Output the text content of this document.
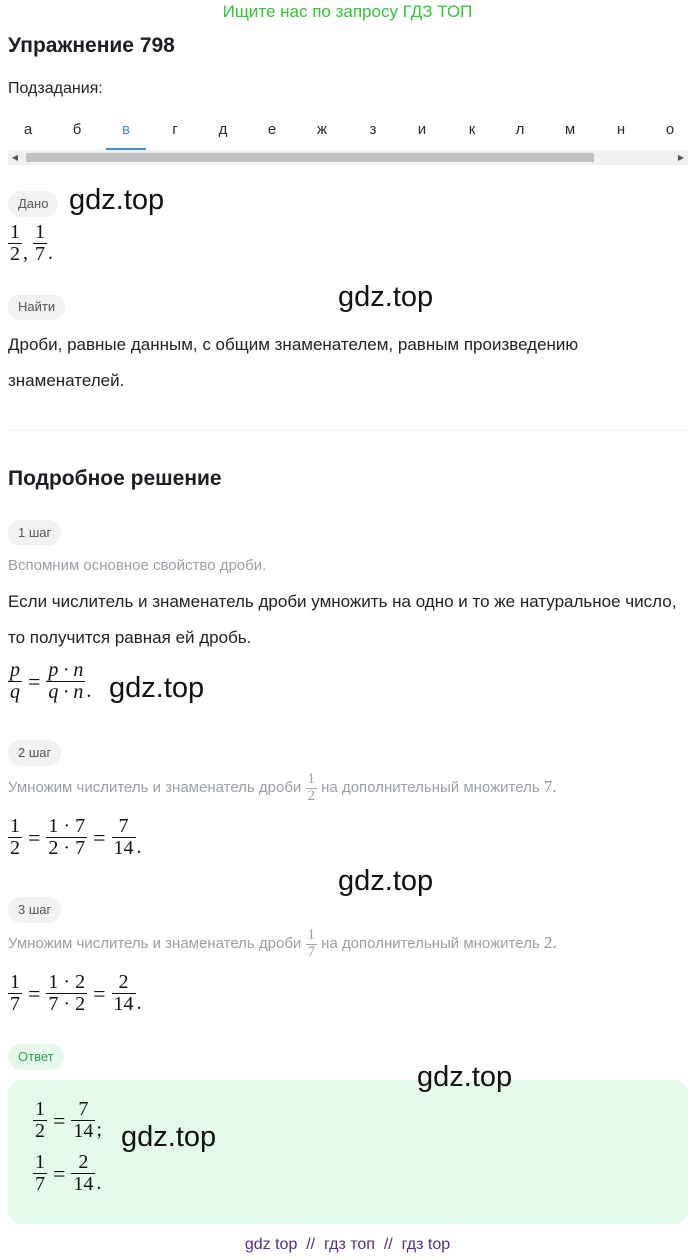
Ищите нас по запросу ГДЗ ТОП
Упражнение 798
Подзадания:
а	б	в	г	д	е	ж	з	и	к	л	м	н	о
◀	▶
Дано gdz.top
$\frac{1}{2}$ , $\frac{1}{7}$ .
Найти	gdz.top
Дроби, равные данным, с общим знаменателем, равным произведению знаменателей.
Подробное решение
1 шаг
Вспомним основное свойство дроби.
Если числитель и знаменатель дроби умножить на одно и то же натуральное число, то получится равная ей дробь.
$\frac{p}{q} = \frac{p \cdot n}{q \cdot n}$ . gdz.top
2 шаг
Умножим числитель и знаменатель дроби $\frac{1}{2}$ на дополнительный множитель 7.
$\frac{1}{2} = \frac{1 \cdot 7}{2 \cdot 7} = \frac{7}{14}$ .
gdz.top
3 шаг
Умножим числитель и знаменатель дроби $\frac{1}{7}$ на дополнительный множитель 2.
$\frac{1}{7} = \frac{1 \cdot 2}{7 \cdot 2} = \frac{2}{14}$ .
Ответ
gdz.top
$\frac{1}{2} = \frac{7}{14}$ ; gdz.top
$\frac{1}{7} = \frac{2}{14}$ .
gdz top // гдз топ // гдз top
